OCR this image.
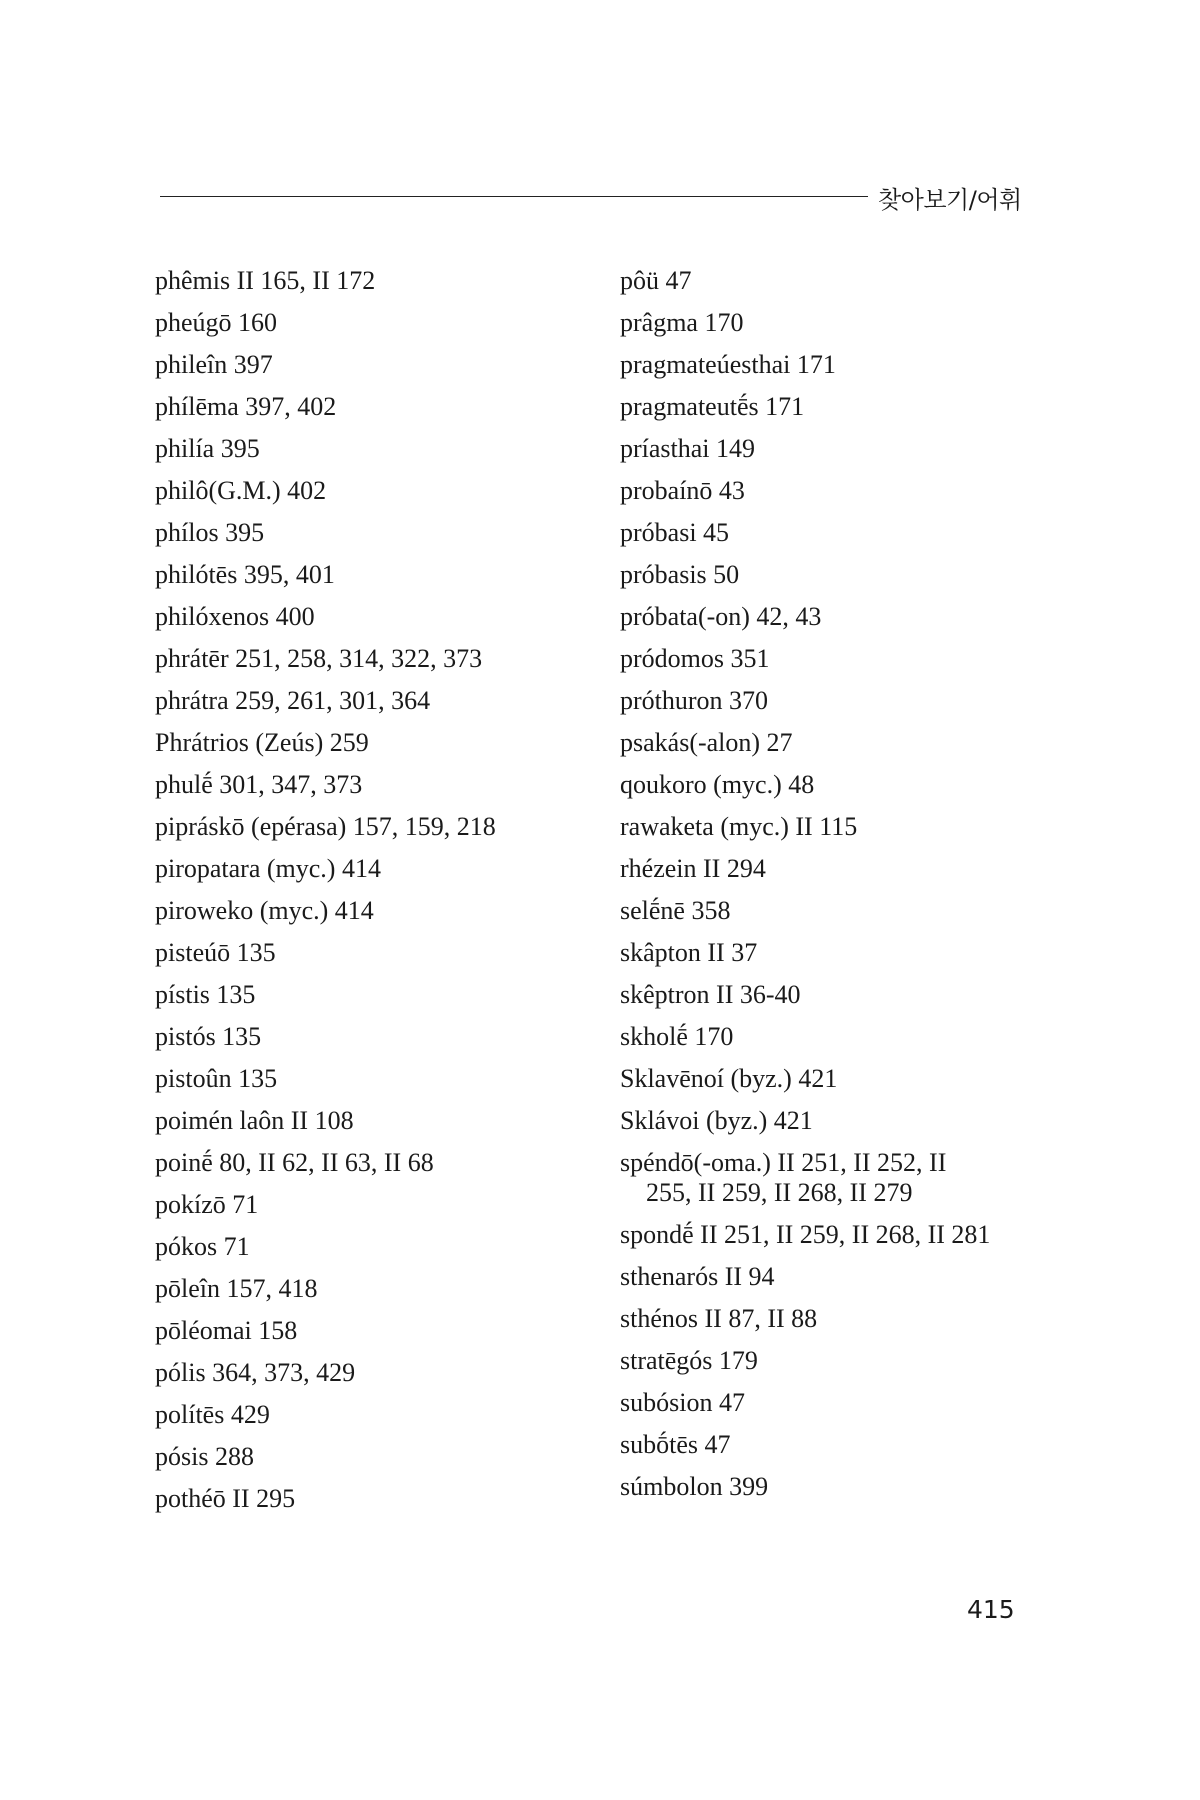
찾아보기/어휘
phêmis II 165, II 172
pheúgō 160
phileîn 397
phílēma 397, 402
philía 395
philô(G.M.) 402
phílos 395
philótēs 395, 401
philóxenos 400
phrátēr 251, 258, 314, 322, 373
phrátra 259, 261, 301, 364
Phrátrios (Zeús) 259
phulḗ 301, 347, 373
pipráskō (epérasa) 157, 159, 218
piropatara (myc.) 414
piroweko (myc.) 414
pisteúō 135
pístis 135
pistós 135
pistoûn 135
poimén laôn II 108
poinḗ 80, II 62, II 63, II 68
pokízō 71
pókos 71
pōleîn 157, 418
pōléomai 158
pólis 364, 373, 429
polítēs 429
pósis 288
pothéō II 295
pôü 47
prâgma 170
pragmateúesthai 171
pragmateutḗs 171
príasthai 149
probaínō 43
próbasi 45
próbasis 50
próbata(-on) 42, 43
pródomos 351
próthuron 370
psakás(-alon) 27
qoukoro (myc.) 48
rawaketa (myc.) II 115
rhézein II 294
selḗnē 358
skâpton II 37
skêptron II 36-40
skholḗ 170
Sklavēnoí (byz.) 421
Sklávoi (byz.) 421
spéndō(-oma.) II 251, II 252, II
255, II 259, II 268, II 279
spondḗ II 251, II 259, II 268, II 281
sthenarós II 94
sthénos II 87, II 88
stratēgós 179
subósion 47
subṓtēs 47
súmbolon 399
415
